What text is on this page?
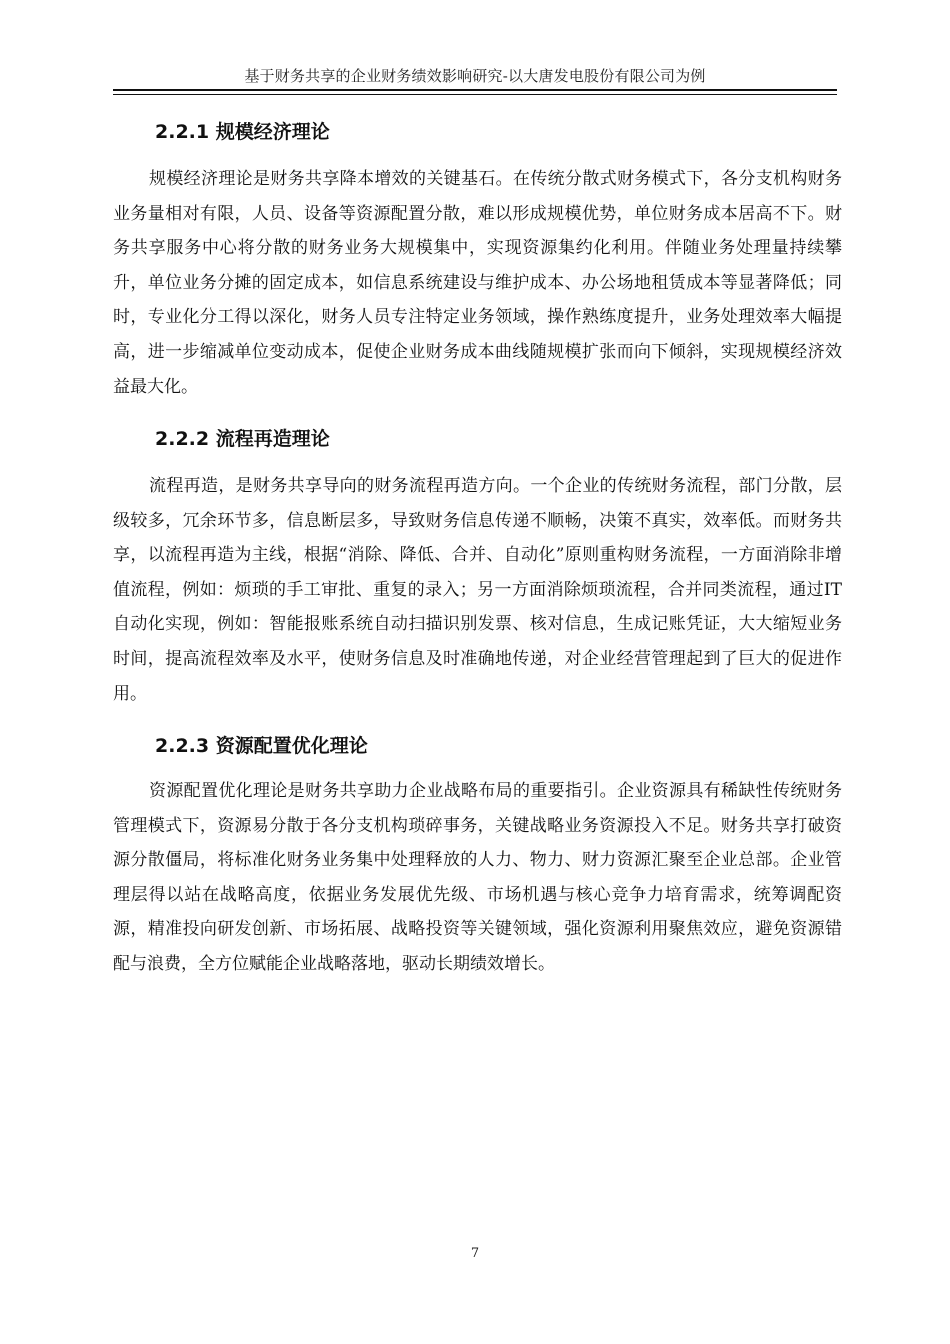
基于财务共享的企业财务绩效影响研究-以大唐发电股份有限公司为例
2.2.1 规模经济理论

规模经济理论是财务共享降本增效的关键基石。在传统分散式财务模式下，各分支机构财务业务量相对有限，人员、设备等资源配置分散，难以形成规模优势，单位财务成本居高不下。财务共享服务中心将分散的财务业务大规模集中，实现资源集约化利用。伴随业务处理量持续攀升，单位业务分摊的固定成本，如信息系统建设与维护成本、办公场地租赁成本等显著降低；同时，专业化分工得以深化，财务人员专注特定业务领域，操作熟练度提升，业务处理效率大幅提高，进一步缩减单位变动成本，促使企业财务成本曲线随规模扩张而向下倾斜，实现规模经济效益最大化。

2.2.2 流程再造理论

流程再造，是财务共享导向的财务流程再造方向。一个企业的传统财务流程，部门分散，层级较多，冗余环节多，信息断层多，导致财务信息传递不顺畅，决策不真实，效率低。而财务共享，以流程再造为主线，根据“消除、降低、合并、自动化”原则重构财务流程，一方面消除非增值流程，例如：烦琐的手工审批、重复的录入；另一方面消除烦琐流程，合并同类流程，通过IT自动化实现，例如：智能报账系统自动扫描识别发票、核对信息，生成记账凭证，大大缩短业务时间，提高流程效率及水平，使财务信息及时准确地传递，对企业经营管理起到了巨大的促进作用。

2.2.3 资源配置优化理论

资源配置优化理论是财务共享助力企业战略布局的重要指引。企业资源具有稀缺性传统财务管理模式下，资源易分散于各分支机构琐碎事务，关键战略业务资源投入不足。财务共享打破资源分散僵局，将标准化财务业务集中处理释放的人力、物力、财力资源汇聚至企业总部。企业管理层得以站在战略高度，依据业务发展优先级、市场机遇与核心竞争力培育需求，统筹调配资源，精准投向研发创新、市场拓展、战略投资等关键领域，强化资源利用聚焦效应，避免资源错配与浪费，全方位赋能企业战略落地，驱动长期绩效增长。

7
